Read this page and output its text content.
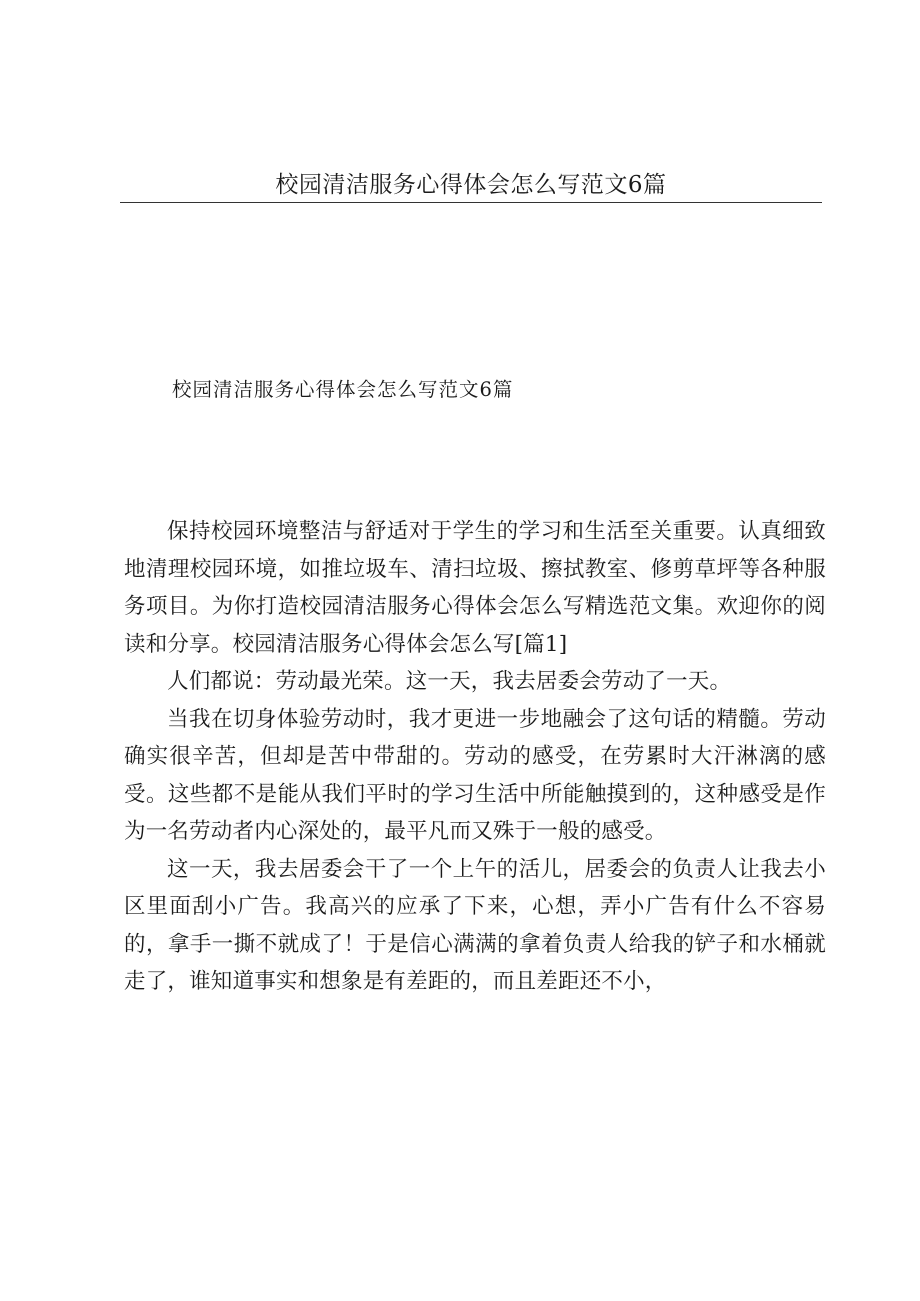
校园清洁服务心得体会怎么写范文6篇
校园清洁服务心得体会怎么写范文6篇

保持校园环境整洁与舒适对于学生的学习和生活至关重要。认真细致地清理校园环境，如推垃圾车、清扫垃圾、擦拭教室、修剪草坪等各种服务项目。为你打造校园清洁服务心得体会怎么写精选范文集。欢迎你的阅读和分享。校园清洁服务心得体会怎么写[篇1]

人们都说：劳动最光荣。这一天，我去居委会劳动了一天。

当我在切身体验劳动时，我才更进一步地融会了这句话的精髓。劳动确实很辛苦，但却是苦中带甜的。劳动的感受，在劳累时大汗淋漓的感受。这些都不是能从我们平时的学习生活中所能触摸到的，这种感受是作为一名劳动者内心深处的，最平凡而又殊于一般的感受。

这一天，我去居委会干了一个上午的活儿，居委会的负责人让我去小区里面刮小广告。我高兴的应承了下来，心想，弄小广告有什么不容易的，拿手一撕不就成了！于是信心满满的拿着负责人给我的铲子和水桶就走了，谁知道事实和想象是有差距的，而且差距还不小，
